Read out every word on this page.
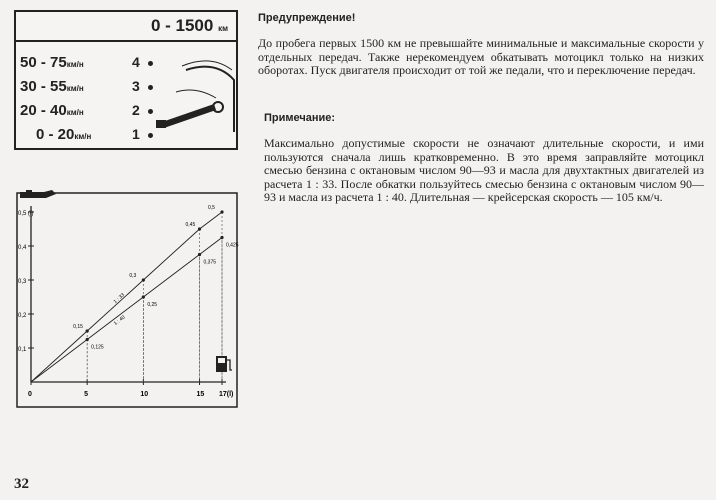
0 - 1500 км
50 - 75км/н	4
30 - 55км/н	3
20 - 40км/н	2
0 - 20км/н	1
0,1
0,2
0,3
0,4
0,5 (l)
0	5	10	15 17(l)
0,15
0,3
0,45
0,5
1 : 33
0,125
0,25
0,375
0,425
1 : 40
32
Предупреждение!
До пробега первых 1500 км не превышайте минимальные и максимальные скорости у отдельных передач. Также нерекомендуем обкатывать мотоцикл только на низких оборотах. Пуск двигателя происходит от той же педали, что и переключение передач.
Примечание:
Максимально допустимые скорости не означают длительные скорости, и ими пользуются сначала лишь кратковременно. В это время заправляйте мотоцикл смесью бензина с октановым числом 90—93 и масла для двухтактных двигателей из расчета 1 : 33. После обкатки пользуйтесь смесью бензина с октановым числом 90—93 и масла из расчета 1 : 40. Длительная — крейсерская скорость — 105 км/ч.
